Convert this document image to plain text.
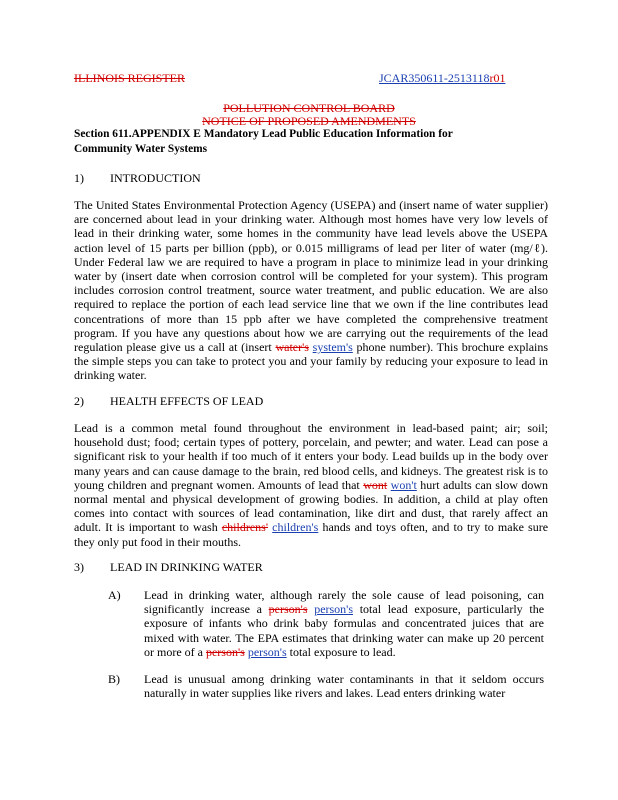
ILLINOIS REGISTER	JCAR350611-2513118r01
POLLUTION CONTROL BOARD
NOTICE OF PROPOSED AMENDMENTS
Section 611.APPENDIX E Mandatory Lead Public Education Information for Community Water Systems
1) INTRODUCTION

The United States Environmental Protection Agency (USEPA) and (insert name of water supplier) are concerned about lead in your drinking water. Although most homes have very low levels of lead in their drinking water, some homes in the community have lead levels above the USEPA action level of 15 parts per billion (ppb), or 0.015 milligrams of lead per liter of water (mg/ℓ). Under Federal law we are required to have a program in place to minimize lead in your drinking water by (insert date when corrosion control will be completed for your system). This program includes corrosion control treatment, source water treatment, and public education. We are also required to replace the portion of each lead service line that we own if the line contributes lead concentrations of more than 15 ppb after we have completed the comprehensive treatment program. If you have any questions about how we are carrying out the requirements of the lead regulation please give us a call at (insert water's system's phone number). This brochure explains the simple steps you can take to protect you and your family by reducing your exposure to lead in drinking water.

2) HEALTH EFFECTS OF LEAD

Lead is a common metal found throughout the environment in lead-based paint; air; soil; household dust; food; certain types of pottery, porcelain, and pewter; and water. Lead can pose a significant risk to your health if too much of it enters your body. Lead builds up in the body over many years and can cause damage to the brain, red blood cells, and kidneys. The greatest risk is to young children and pregnant women. Amounts of lead that wont won't hurt adults can slow down normal mental and physical development of growing bodies. In addition, a child at play often comes into contact with sources of lead contamination, like dirt and dust, that rarely affect an adult. It is important to wash childrens' children's hands and toys often, and to try to make sure they only put food in their mouths.

3) LEAD IN DRINKING WATER
A) Lead in drinking water, although rarely the sole cause of lead poisoning, can significantly increase a person's person's total lead exposure, particularly the exposure of infants who drink baby formulas and concentrated juices that are mixed with water. The EPA estimates that drinking water can make up 20 percent or more of a person's person's total exposure to lead.

B) Lead is unusual among drinking water contaminants in that it seldom occurs naturally in water supplies like rivers and lakes. Lead enters drinking water
